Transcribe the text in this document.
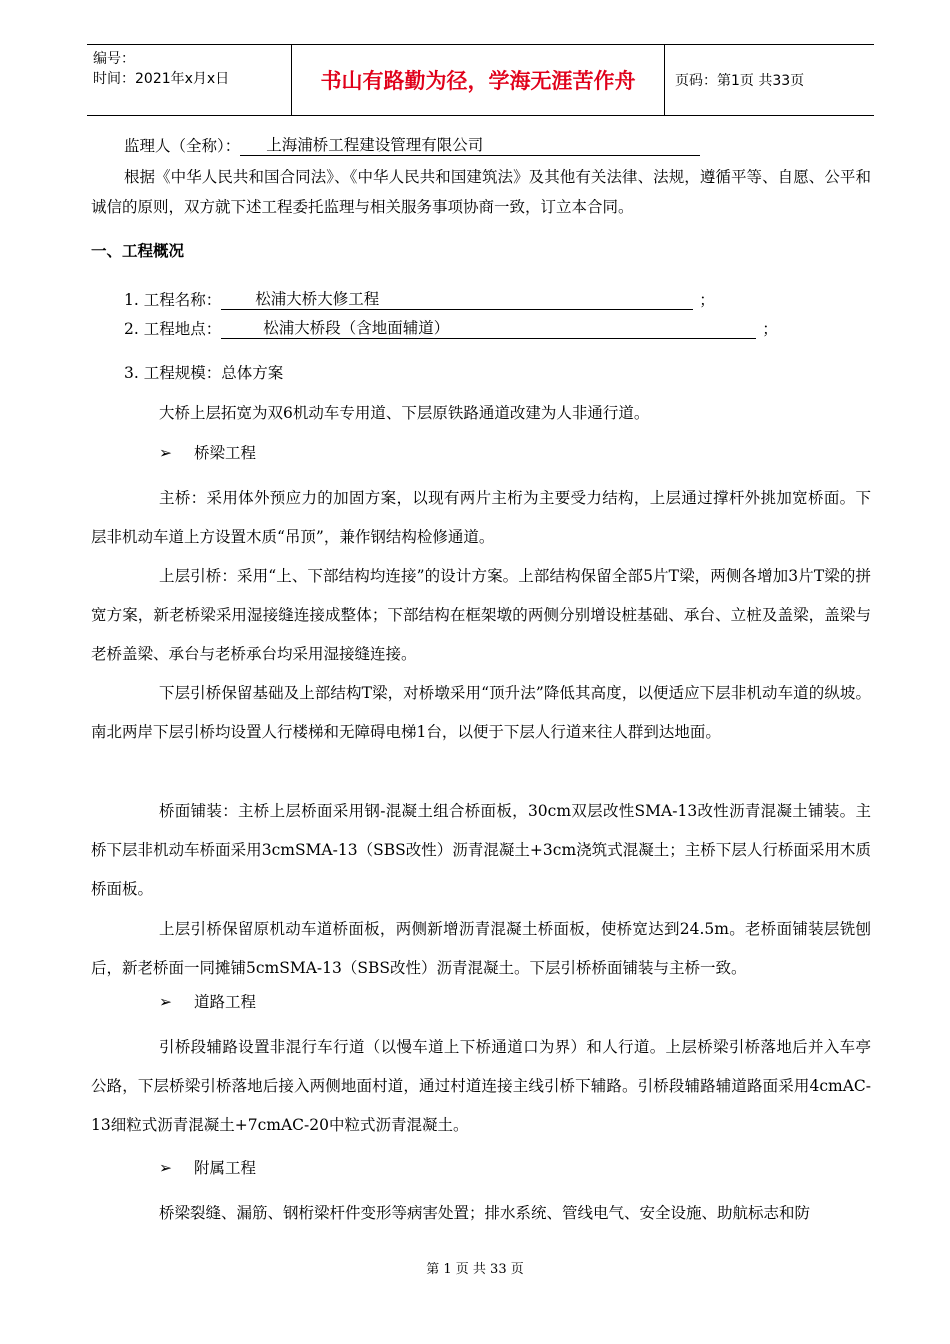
编号：
时间：2021年x月x日	书山有路勤为径，学海无涯苦作舟	页码：第1页 共33页

监理人（全称）： 上海浦桥工程建设管理有限公司

根据《中华人民共和国合同法》、《中华人民共和国建筑法》及其他有关法律、法规，遵循平等、自愿、公平和诚信的原则，双方就下述工程委托监理与相关服务事项协商一致，订立本合同。

一、工程概况

1. 工程名称： 松浦大桥大修工程	；

2. 工程地点：	松浦大桥段（含地面辅道）	；

3. 工程规模：总体方案

大桥上层拓宽为双6机动车专用道、下层原铁路通道改建为人非通行道。

➢ 桥梁工程

主桥：采用体外预应力的加固方案，以现有两片主桁为主要受力结构，上层通过撑杆外挑加宽桥面。下层非机动车道上方设置木质“吊顶”，兼作钢结构检修通道。

上层引桥：采用“上、下部结构均连接”的设计方案。上部结构保留全部5片T梁，两侧各增加3片T梁的拼宽方案，新老桥梁采用湿接缝连接成整体；下部结构在框架墩的两侧分别增设桩基础、承台、立桩及盖梁，盖梁与老桥盖梁、承台与老桥承台均采用湿接缝连接。

下层引桥保留基础及上部结构T梁，对桥墩采用“顶升法”降低其高度，以便适应下层非机动车道的纵坡。南北两岸下层引桥均设置人行楼梯和无障碍电梯1台，以便于下层人行道来往人群到达地面。

桥面铺装：主桥上层桥面采用钢-混凝土组合桥面板，30cm双层改性SMA-13改性沥青混凝土铺装。主桥下层非机动车桥面采用3cmSMA-13（SBS改性）沥青混凝土+3cm浇筑式混凝土；主桥下层人行桥面采用木质桥面板。

上层引桥保留原机动车道桥面板，两侧新增沥青混凝土桥面板，使桥宽达到24.5m。老桥面铺装层铣刨后，新老桥面一同摊铺5cmSMA-13（SBS改性）沥青混凝土。下层引桥桥面铺装与主桥一致。

➢ 道路工程

引桥段辅路设置非混行车行道（以慢车道上下桥通道口为界）和人行道。上层桥梁引桥落地后并入车亭公路，下层桥梁引桥落地后接入两侧地面村道，通过村道连接主线引桥下辅路。引桥段辅路辅道路面采用4cmAC-13细粒式沥青混凝土+7cmAC-20中粒式沥青混凝土。

➢ 附属工程

桥梁裂缝、漏筋、钢桁梁杆件变形等病害处置；排水系统、管线电气、安全设施、助航标志和防

第 1 页 共 33 页
